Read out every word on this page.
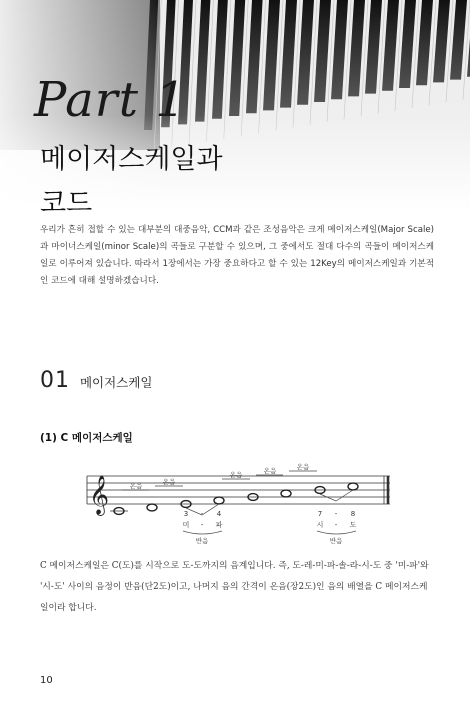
Part 1
메이저스케일과
코드

우리가 흔히 접할 수 있는 대부분의 대중음악, CCM과 같은 조성음악은 크게 메이저스케일(Major Scale)과 마이너스케일(minor Scale)의 곡들로 구분할 수 있으며, 그 중에서도 절대 다수의 곡들이 메이저스케일로 이루어져 있습니다. 따라서 1장에서는 가장 중요하다고 할 수 있는 12Key의 메이저스케일과 기본적인 코드에 대해 설명하겠습니다.

01 메이저스케일
(1) C 메이저스케일
𝄞	온음	온음
온음	온음	온음
3 - 4
미 - 파
7 - 8
시 - 도
반음	반음

C 메이저스케일은 C(도)를 시작으로 도-도까지의 음계입니다. 즉, 도-레-미-파-솔-라-시-도 중 '미-파'와 '시-도' 사이의 음정이 반음(단2도)이고, 나머지 음의 간격이 온음(장2도)인 음의 배열을 C 메이저스케일이라 합니다.

10
